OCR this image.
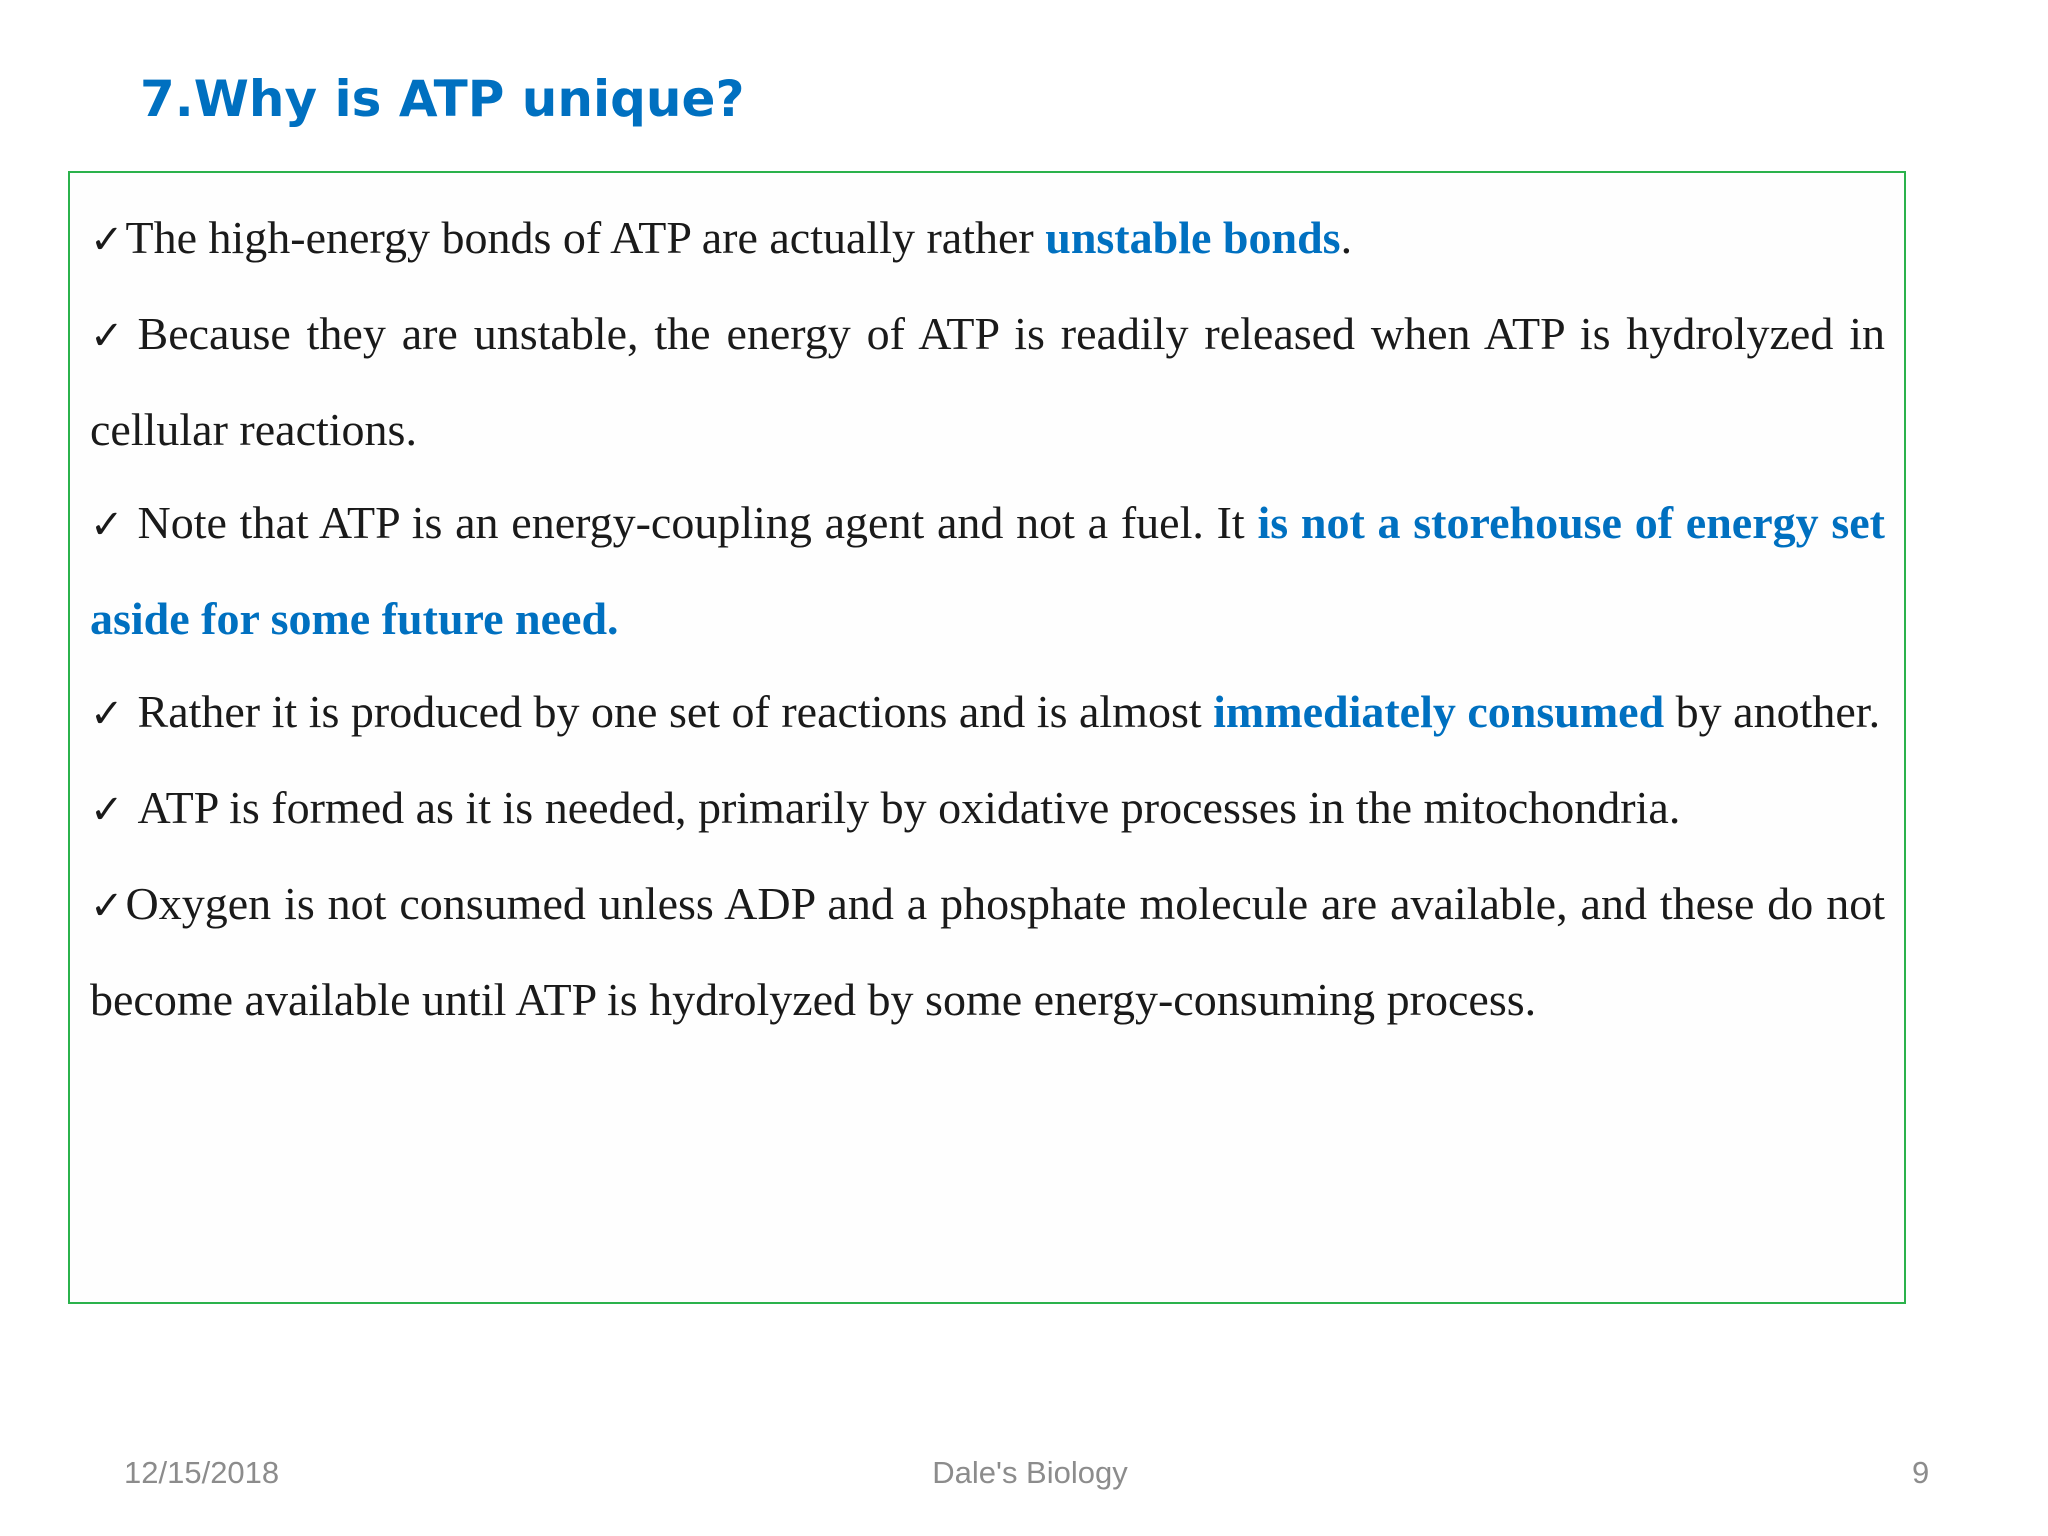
7.Why is ATP unique?

✓The high-energy bonds of ATP are actually rather unstable bonds.

✓ Because they are unstable, the energy of ATP is readily released when ATP is hydrolyzed in cellular reactions.

✓ Note that ATP is an energy-coupling agent and not a fuel. It is not a storehouse of energy set aside for some future need.

✓ Rather it is produced by one set of reactions and is almost immediately consumed by another.

✓ ATP is formed as it is needed, primarily by oxidative processes in the mitochondria.

✓Oxygen is not consumed unless ADP and a phosphate molecule are available, and these do not become available until ATP is hydrolyzed by some energy-consuming process.

12/15/2018	Dale's Biology	9
